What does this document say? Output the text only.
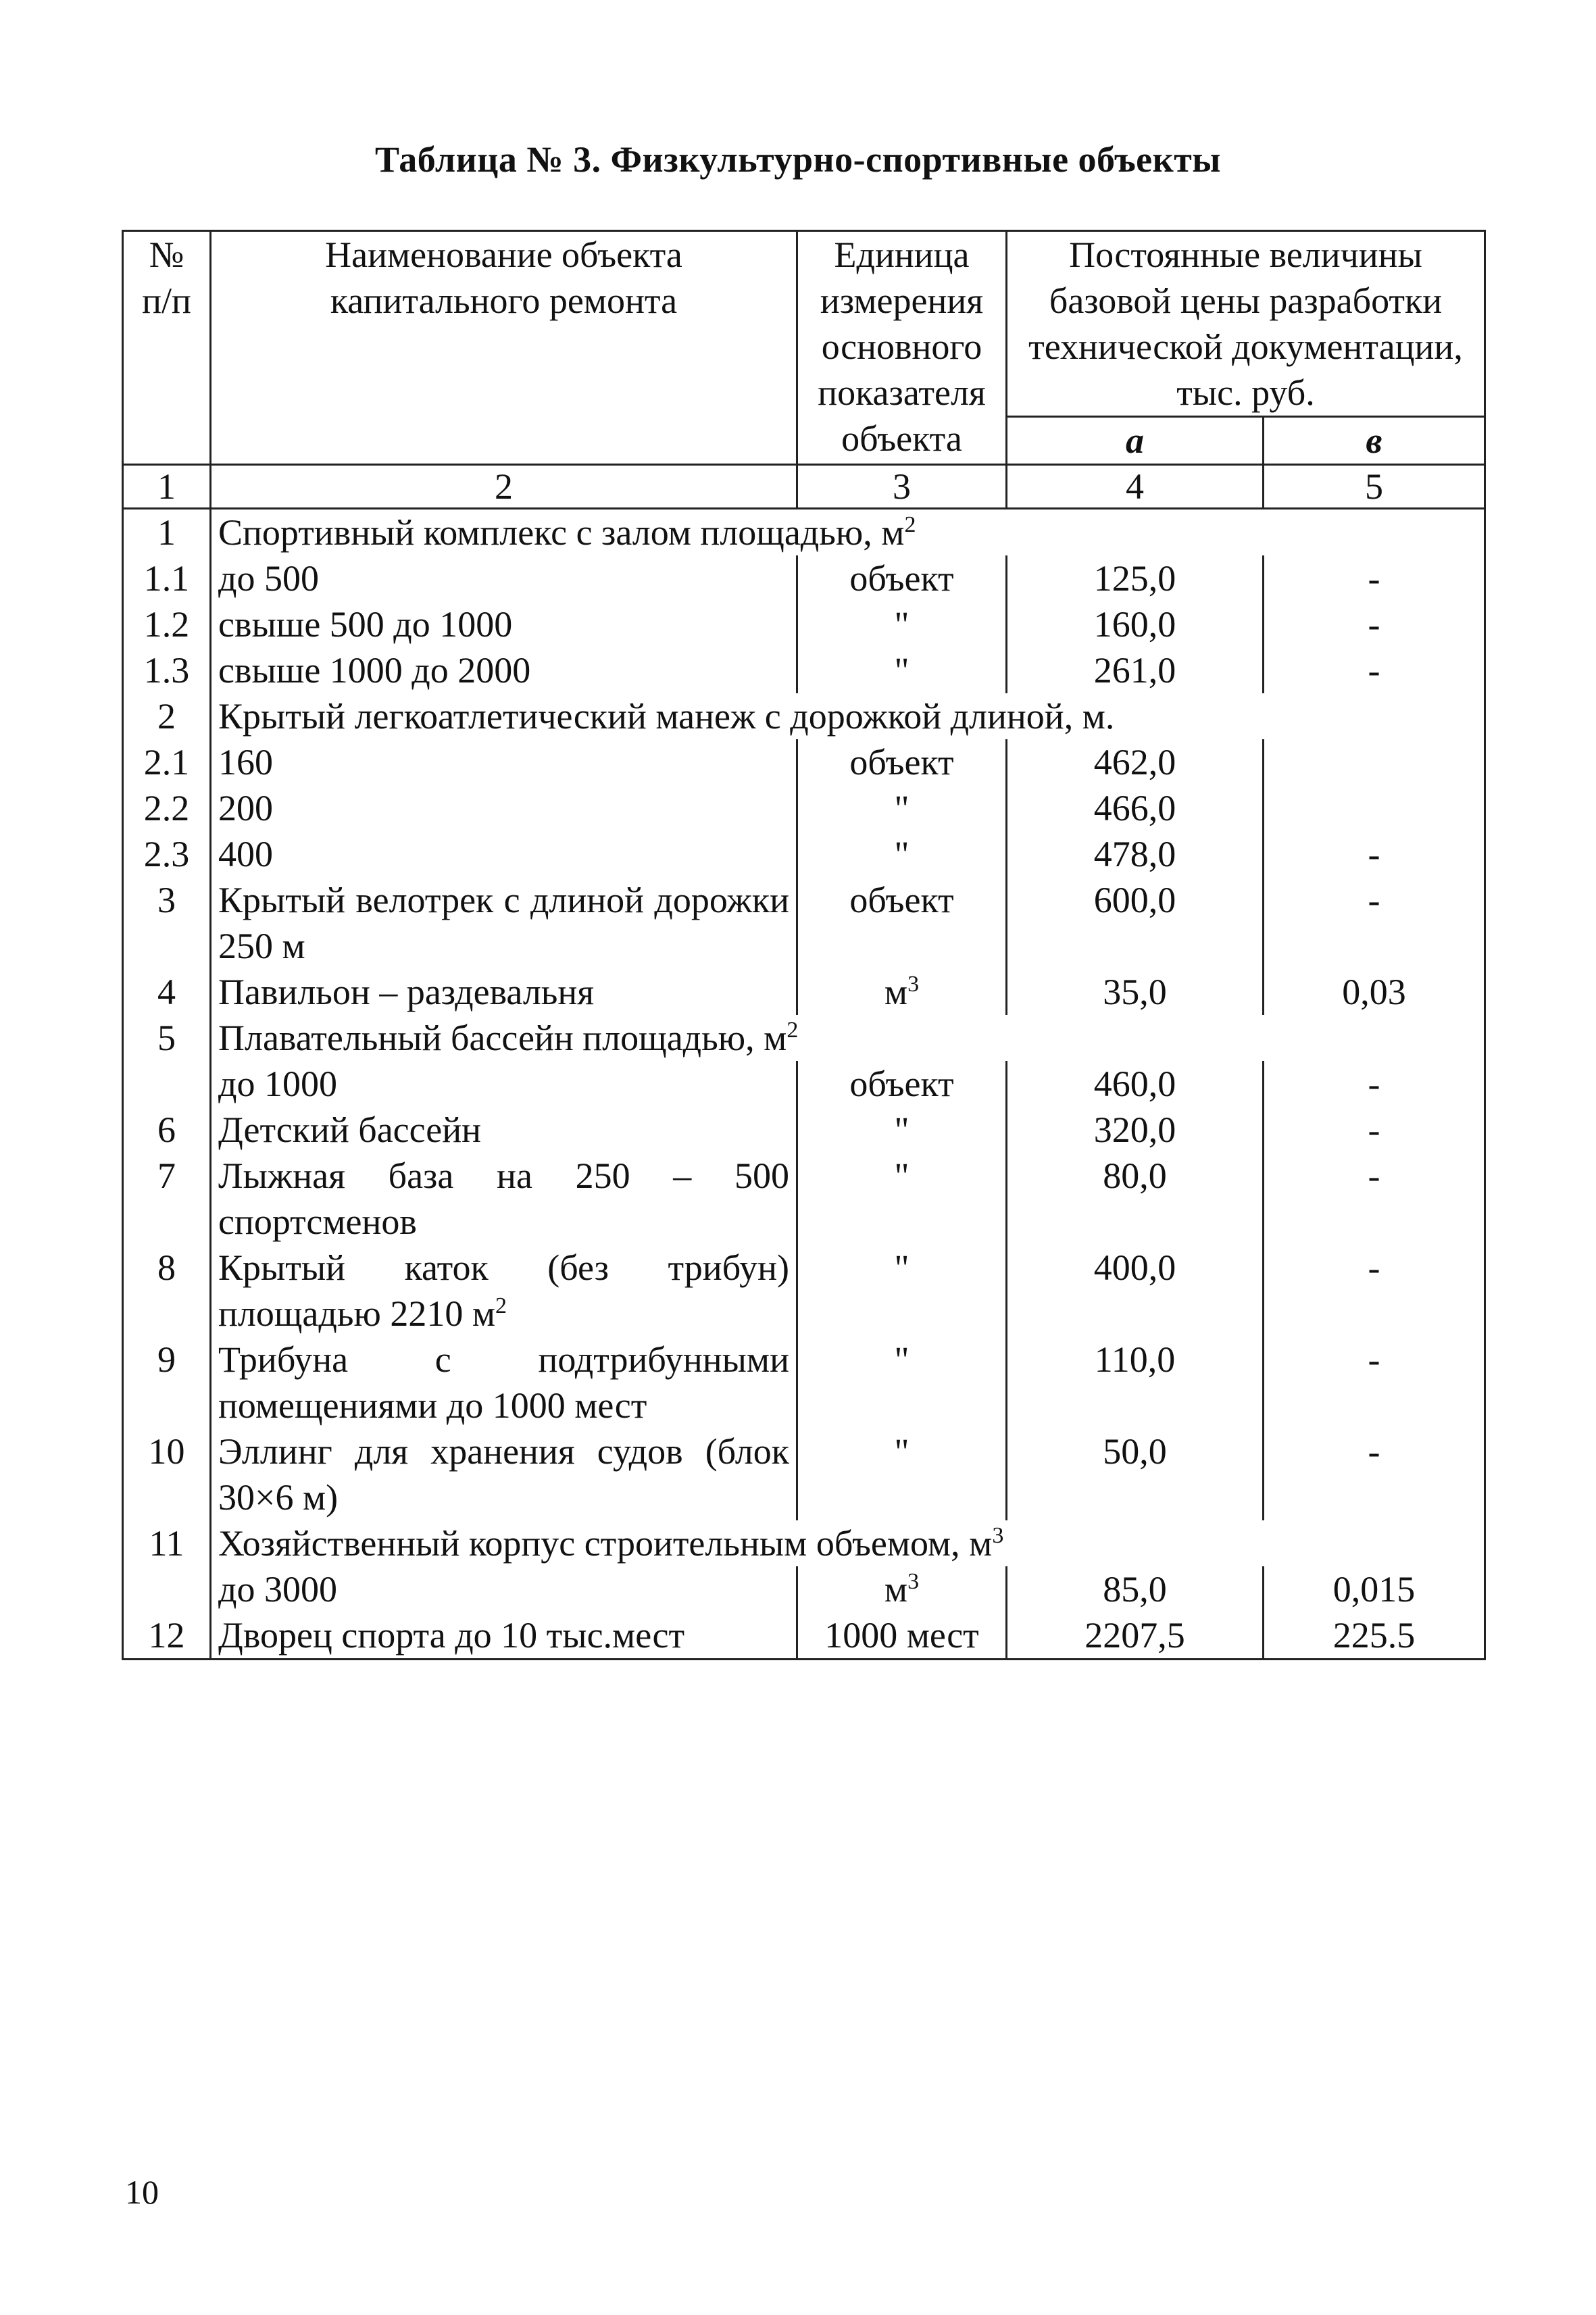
Таблица № 3. Физкультурно-спортивные объекты
№ п/п	Наименование объекта капитального ремонта	Единица измерения основного показателя объекта	Постоянные величины базовой цены разработки технической документации, тыс. руб.	
			а	в
1	2	3	4	5
1	Спортивный комплекс с залом площадью, $м^2$
1.1	до 500	объект	125,0	-
1.2	свыше 500 до 1000	"	160,0	-
1.3	свыше 1000 до 2000	"	261,0	-
2	Крытый легкоатлетический манеж с дорожкой длиной, м.			
2.1	160	объект	462,0	
2.2	200	"	466,0	
2.3	400	"	478,0	-
3	Крытый велотрек с длиной дорожки 250 м	объект	600,0	-
4	Павильон – раздевальня	$м^3$	35,0	0,03
5	Плавательный бассейн площадью, $м^2$
	до 1000	объект	460,0	-
6	Детский бассейн	"	320,0	-
7	Лыжная база на 250 – 500 спортсменов	"	80,0	-
8	Крытый каток (без трибун) площадью 2210 $м^2$	"	400,0	-
9	Трибуна с подтрибунными помещениями до 1000 мест	"	110,0	-
10	Эллинг для хранения судов (блок 30×6 м)	"	50,0	-
11	Хозяйственный корпус строительным объемом, $м^3$
	до 3000	$м^3$	85,0	0,015
12	Дворец спорта до 10 тыс.мест	1000 мест	2207,5	225.5
10
